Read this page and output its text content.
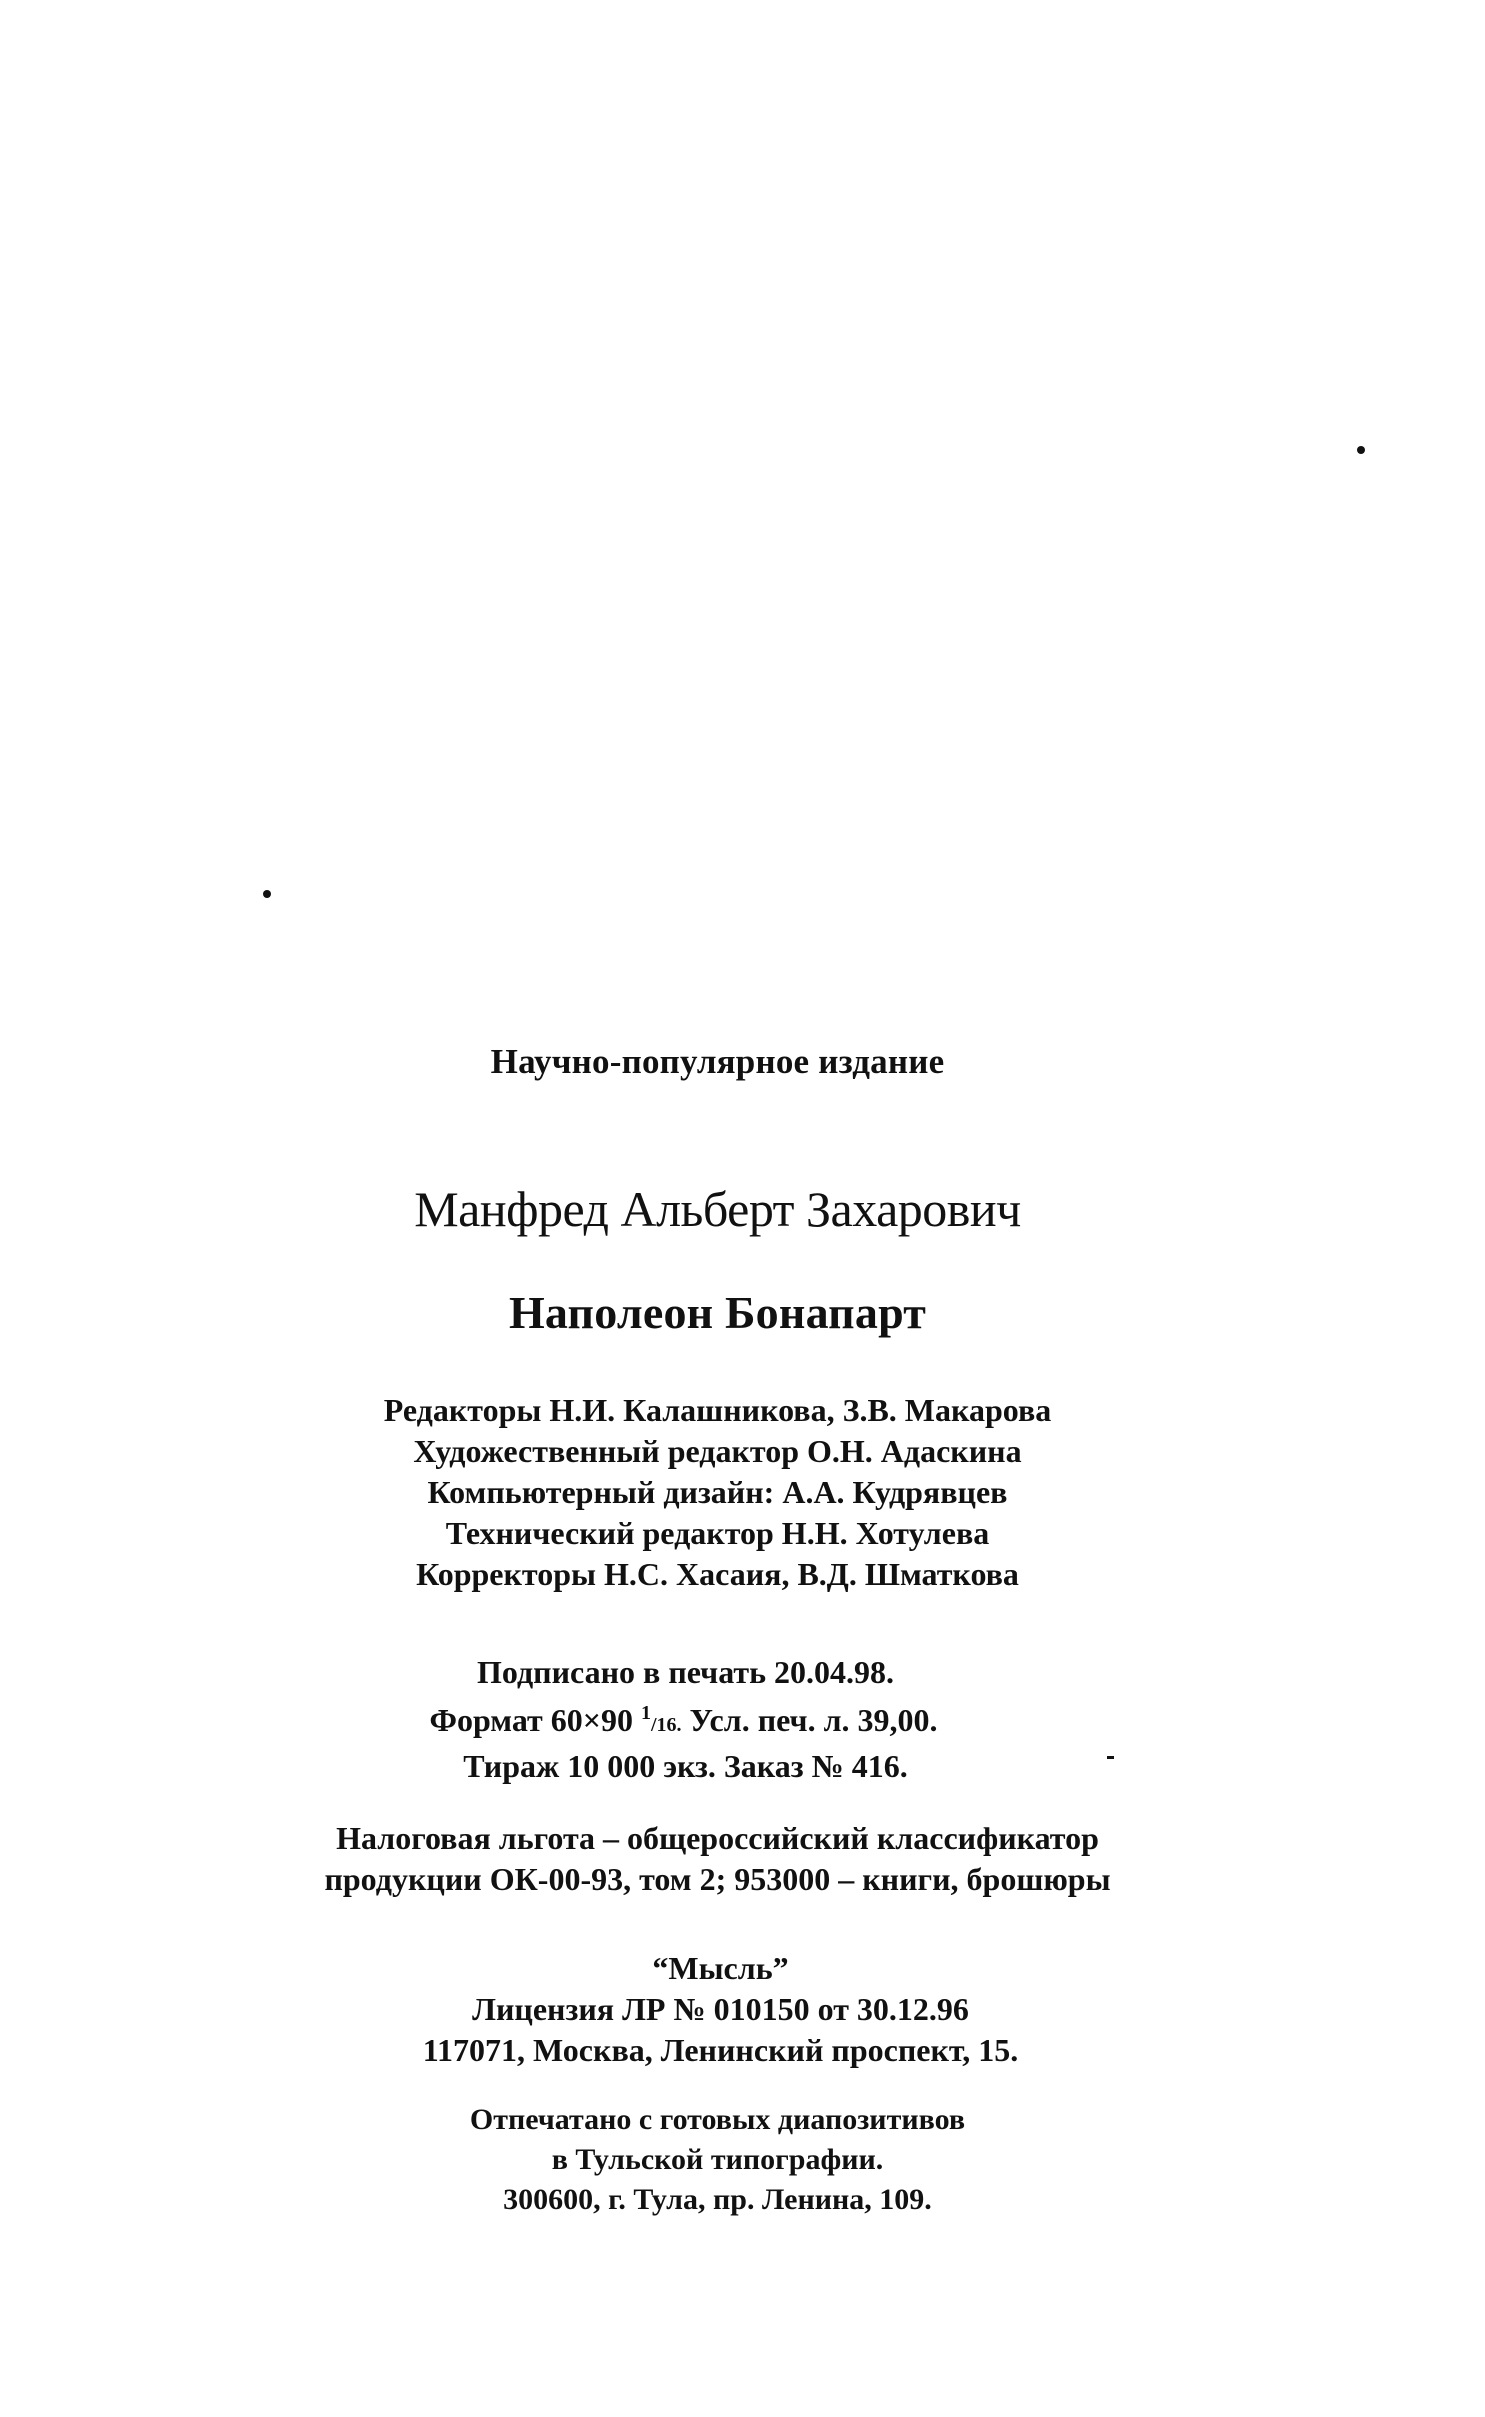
Научно-популярное издание
Манфред Альберт Захарович
Наполеон Бонапарт
Редакторы Н.И. Калашникова, З.В. Макарова
Художественный редактор О.Н. Адаскина
Компьютерный дизайн: А.А. Кудрявцев
Технический редактор Н.Н. Хотулева
Корректоры Н.С. Хасаия, В.Д. Шматкова
Подписано в печать 20.04.98.
Формат 60×90 $^1$/16. Усл. печ. л. 39,00.
Тираж 10 000 экз. Заказ № 416.
Налоговая льгота – общероссийский классификатор
продукции ОК-00-93, том 2; 953000 – книги, брошюры
“Мысль”
Лицензия ЛР № 010150 от 30.12.96
117071, Москва, Ленинский проспект, 15.
Отпечатано с готовых диапозитивов
в Тульской типографии.
300600, г. Тула, пр. Ленина, 109.
